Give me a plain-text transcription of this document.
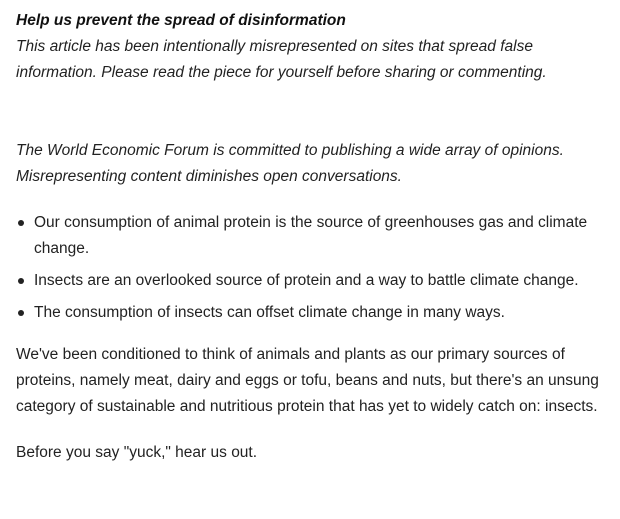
Help us prevent the spread of disinformation

This article has been intentionally misrepresented on sites that spread false information. Please read the piece for yourself before sharing or commenting.

The World Economic Forum is committed to publishing a wide array of opinions. Misrepresenting content diminishes open conversations.

Our consumption of animal protein is the source of greenhouses gas and climate change.
Insects are an overlooked source of protein and a way to battle climate change.
The consumption of insects can offset climate change in many ways.

We've been conditioned to think of animals and plants as our primary sources of proteins, namely meat, dairy and eggs or tofu, beans and nuts, but there's an unsung category of sustainable and nutritious protein that has yet to widely catch on: insects.

Before you say "yuck," hear us out.
